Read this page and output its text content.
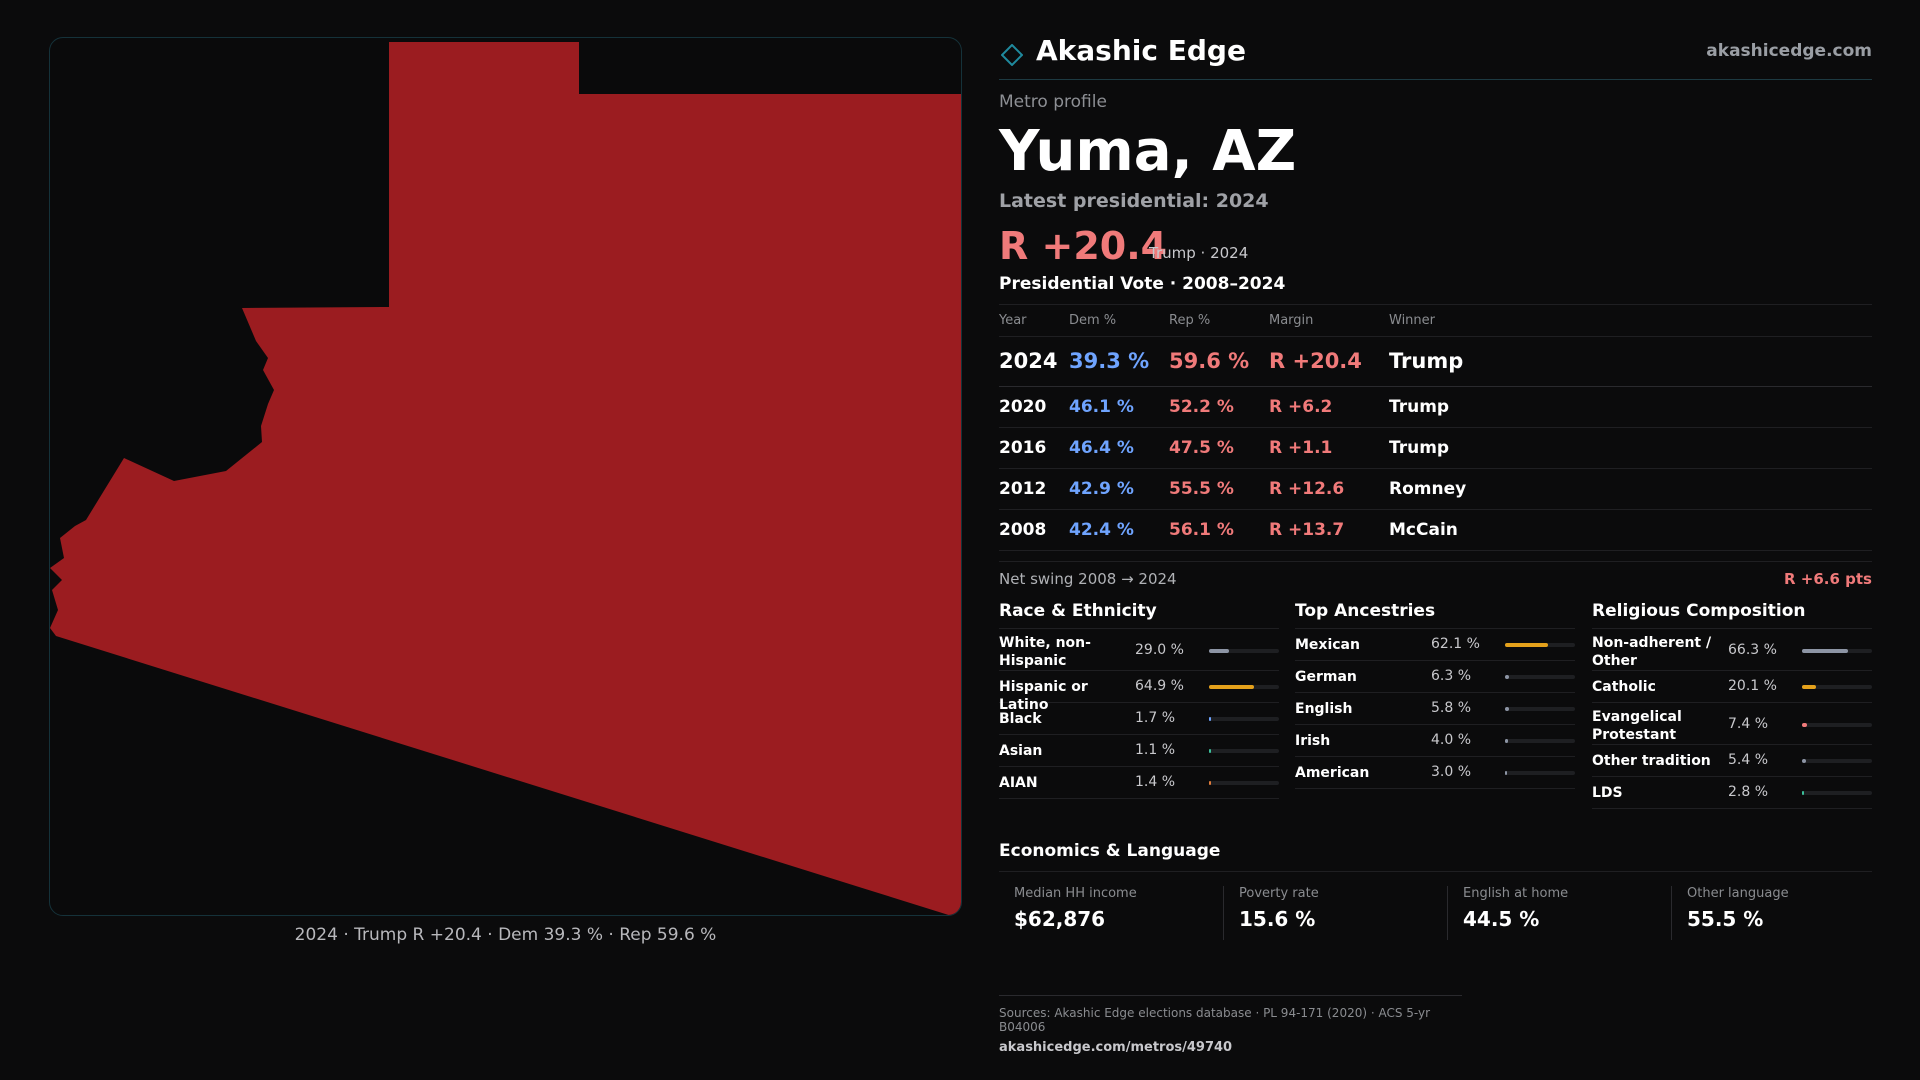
2024 · Trump R +20.4 · Dem 39.3 % · Rep 59.6 %
Akashic Edge	akashicedge.com
Metro profile
Yuma, AZ
Latest presidential: 2024
R +20.4
Trump · 2024
Presidential Vote · 2008–2024
Year	Dem %	Rep %	Margin	Winner
2024	39.3 %	59.6 %	R +20.4	Trump
2020	46.1 %	52.2 %	R +6.2	Trump
2016	46.4 %	47.5 %	R +1.1	Trump
2012	42.9 %	55.5 %	R +12.6	Romney
2008	42.4 %	56.1 %	R +13.7	McCain
Net swing 2008 → 2024	R +6.6 pts
Race & Ethnicity
White, non-Hispanic
29.0 %
Hispanic or Latino
64.9 %
Black	1.7 %
Asian	1.1 %
AIAN	1.4 %
Top Ancestries
Mexican	62.1 %
German	6.3 %
English	5.8 %
Irish	4.0 %
American	3.0 %
Religious Composition
Non-adherent / Other
66.3 %
Catholic	20.1 %
Evangelical Protestant
7.4 %
Other tradition	5.4 %
LDS	2.8 %
Economics & Language
Median HH income
$62,876
Poverty rate
15.6 %
English at home
44.5 %
Other language
55.5 %
Sources: Akashic Edge elections database · PL 94-171 (2020) · ACS 5-yr B04006
akashicedge.com/metros/49740
